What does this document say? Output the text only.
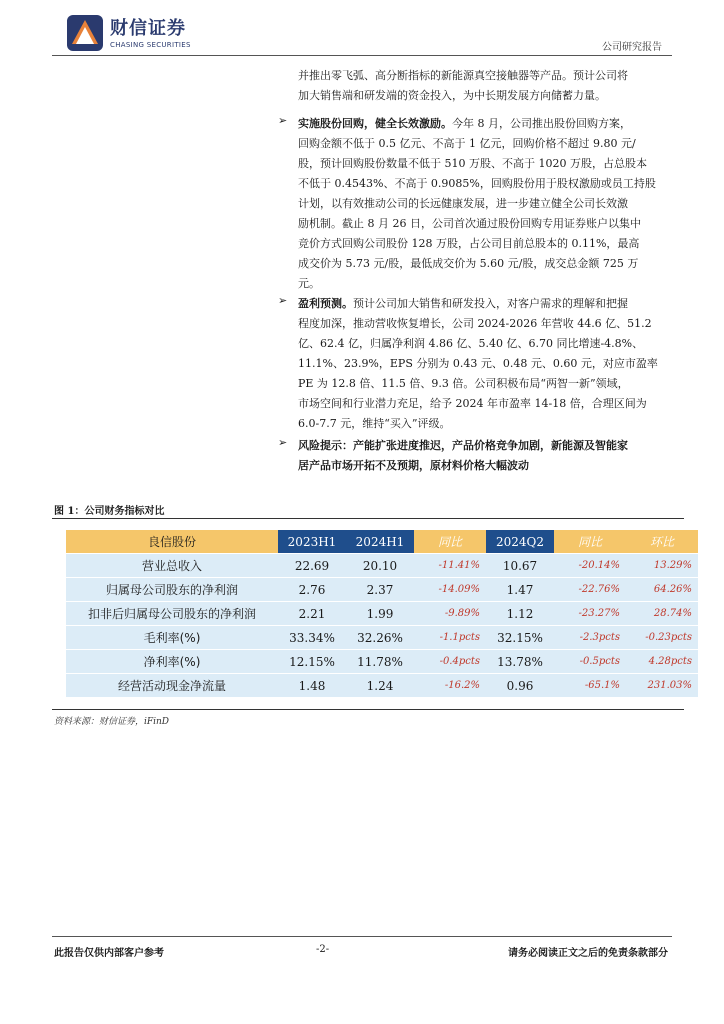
财信证券
CHASING SECURITIES	公司研究报告
并推出零飞弧、高分断指标的新能源真空接触器等产品。预计公司将
加大销售端和研发端的资金投入，为中长期发展方向储蓄力量。
➢ 实施股份回购，健全长效激励。今年 8 月，公司推出股份回购方案，
回购金额不低于 0.5 亿元、不高于 1 亿元，回购价格不超过 9.80 元/
股，预计回购股份数量不低于 510 万股、不高于 1020 万股，占总股本
不低于 0.4543%、不高于 0.9085%，回购股份用于股权激励或员工持股
计划，以有效推动公司的长远健康发展，进一步建立健全公司长效激
励机制。截止 8 月 26 日，公司首次通过股份回购专用证券账户以集中
竞价方式回购公司股份 128 万股，占公司目前总股本的 0.11%，最高
成交价为 5.73 元/股，最低成交价为 5.60 元/股，成交总金额 725 万
元。
➢ 盈利预测。预计公司加大销售和研发投入，对客户需求的理解和把握
程度加深，推动营收恢复增长，公司 2024-2026 年营收 44.6 亿、51.2
亿、62.4 亿，归属净利润 4.86 亿、5.40 亿、6.70 同比增速-4.8%、
11.1%、23.9%，EPS 分别为 0.43 元、0.48 元、0.60 元，对应市盈率
PE 为 12.8 倍、11.5 倍、9.3 倍。公司积极布局“两智一新”领域，
市场空间和行业潜力充足，给予 2024 年市盈率 14-18 倍，合理区间为
6.0-7.7 元，维持“买入”评级。
➢ 风险提示：产能扩张进度推迟，产品价格竞争加剧，新能源及智能家
居产品市场开拓不及预期，原材料价格大幅波动
图 1：公司财务指标对比
良信股份	2023H1	2024H1	同比	2024Q2	同比	环比
营业总收入	22.69	20.10	-11.41%	10.67	-20.14%	13.29%
归属母公司股东的净利润	2.76	2.37	-14.09%	1.47	-22.76%	64.26%
扣非后归属母公司股东的净利润	2.21	1.99	-9.89%	1.12	-23.27%	28.74%
毛利率(%)	33.34%	32.26%	-1.1pcts	32.15%	-2.3pcts	-0.23pcts
净利率(%)	12.15%	11.78%	-0.4pcts	13.78%	-0.5pcts	4.28pcts
经营活动现金净流量	1.48	1.24	-16.2%	0.96	-65.1%	231.03%
资料来源：财信证券，iFinD
此报告仅供内部客户参考	-2-	请务必阅读正文之后的免责条款部分
